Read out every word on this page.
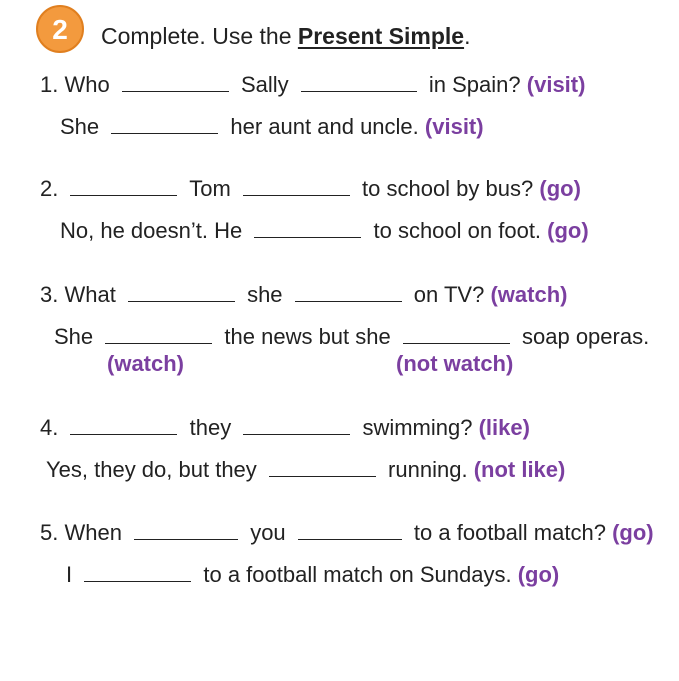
2 Complete. Use the Present Simple.
1. Who	Sally	in Spain? (visit)
She	her aunt and uncle. (visit)
2.	Tom	to school by bus? (go)
No, he doesn’t. He	to school on foot. (go)
3. What	she	on TV? (watch)
She	the news but she	soap operas.
(watch)	(not watch)
4.	they	swimming? (like)
Yes, they do, but they	running. (not like)
5. When	you	to a football match? (go)
I	to a football match on Sundays. (go)
